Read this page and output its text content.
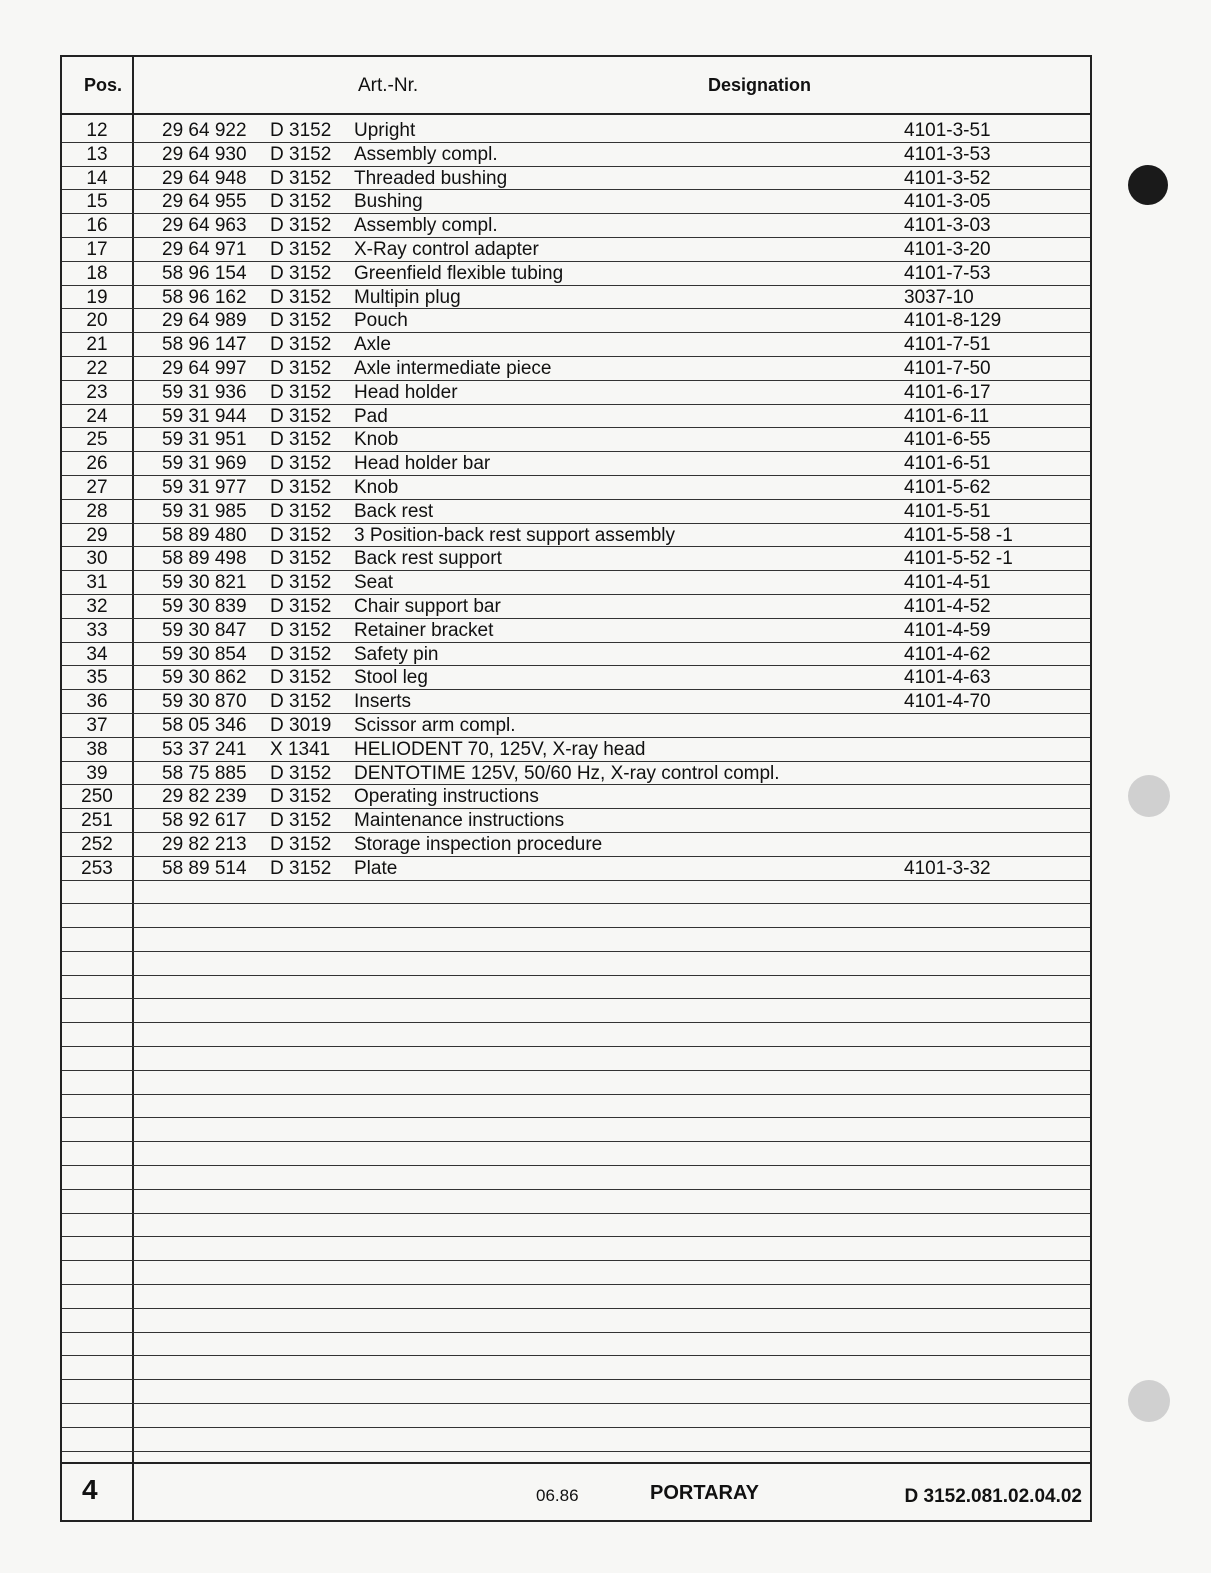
Pos.	Art.-Nr.	Designation
12	29 64 922 D 3152 Upright	4101-3-51
13	29 64 930 D 3152 Assembly compl.	4101-3-53
14	29 64 948 D 3152 Threaded bushing	4101-3-52
15	29 64 955 D 3152 Bushing	4101-3-05
16	29 64 963 D 3152 Assembly compl.	4101-3-03
17	29 64 971 D 3152 X-Ray control adapter	4101-3-20
18	58 96 154 D 3152 Greenfield flexible tubing	4101-7-53
19	58 96 162 D 3152 Multipin plug	3037-10
20	29 64 989 D 3152 Pouch	4101-8-129
21	58 96 147 D 3152 Axle	4101-7-51
22	29 64 997 D 3152 Axle intermediate piece	4101-7-50
23	59 31 936 D 3152 Head holder	4101-6-17
24	59 31 944 D 3152 Pad	4101-6-11
25	59 31 951 D 3152 Knob	4101-6-55
26	59 31 969 D 3152 Head holder bar	4101-6-51
27	59 31 977 D 3152 Knob	4101-5-62
28	59 31 985 D 3152 Back rest	4101-5-51
29	58 89 480 D 3152 3 Position-back rest support assembly	4101-5-58 -1
30	58 89 498 D 3152 Back rest support	4101-5-52 -1
31	59 30 821 D 3152 Seat	4101-4-51
32	59 30 839 D 3152 Chair support bar	4101-4-52
33	59 30 847 D 3152 Retainer bracket	4101-4-59
34	59 30 854 D 3152 Safety pin	4101-4-62
35	59 30 862 D 3152 Stool leg	4101-4-63
36	59 30 870 D 3152 Inserts	4101-4-70
37	58 05 346 D 3019 Scissor arm compl.
38	53 37 241 X 1341 HELIODENT 70, 125V, X-ray head
39	58 75 885 D 3152 DENTOTIME 125V, 50/60 Hz, X-ray control compl.
250	29 82 239 D 3152 Operating instructions
251	58 92 617 D 3152 Maintenance instructions
252	29 82 213 D 3152 Storage inspection procedure
253	58 89 514 D 3152 Plate	4101-3-32
4	06.86	PORTARAY	D 3152.081.02.04.02
